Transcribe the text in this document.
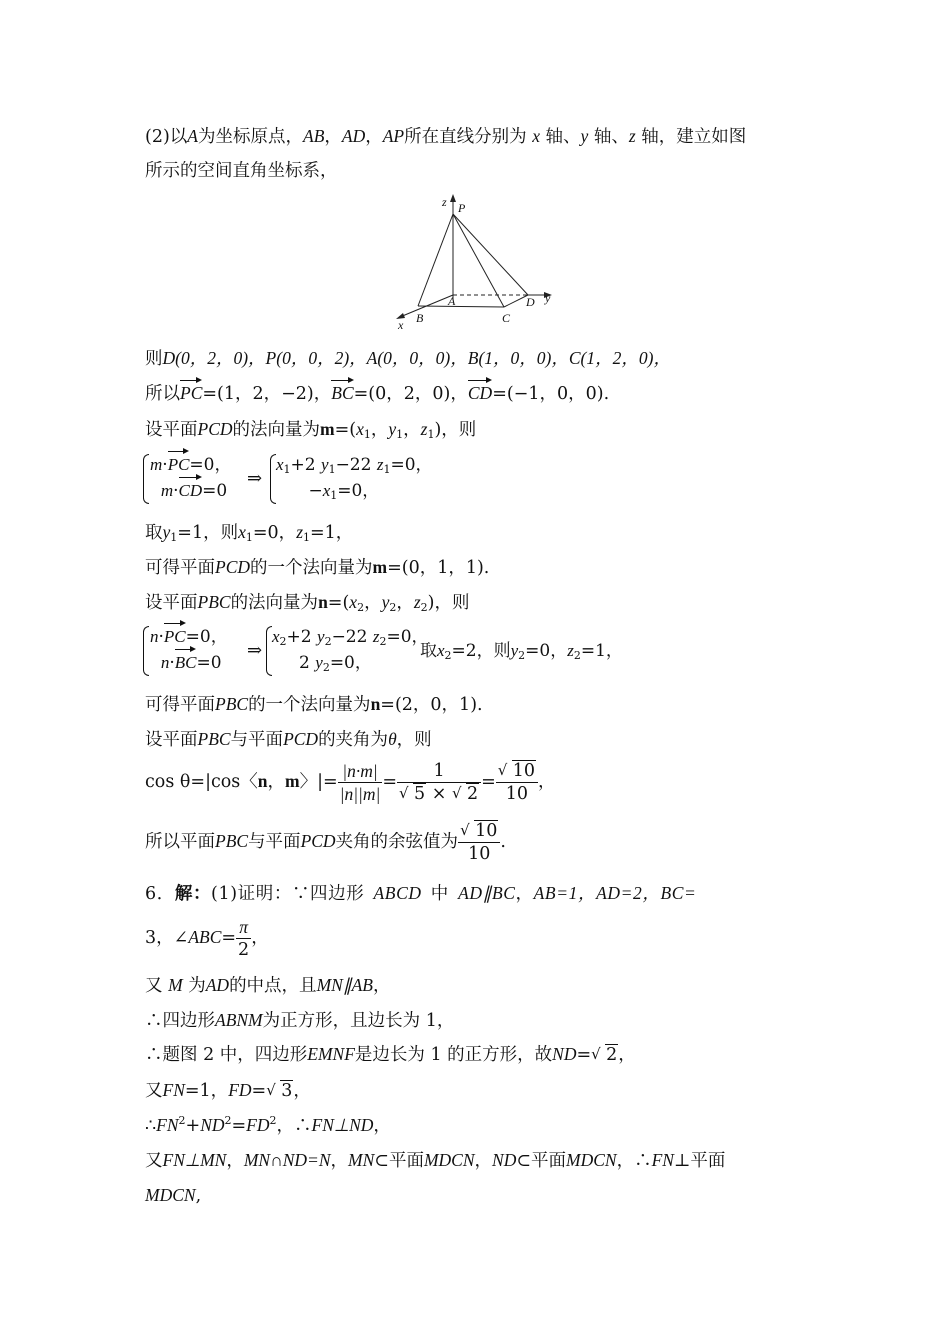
(2)以A为坐标原点，AB，AD，AP所在直线分别为 x 轴、y 轴、z 轴，建立如图
所示的空间直角坐标系，
z P
A	D y
x B	C
则D(0，2，0)，P(0，0，2)，A(0，0，0)，B(1，0，0)，C(1，2，0)，
所以PC=(1，2，−2)，BC=(0，2，0)，CD=(−1，0，0).
设平面PCD的法向量为$m=(x_1$，$y_1$，$z_1$)，则
m·PC=0，
m·CD=0
⇒
$x_1+2$ $y_1-22$ $z_1=0$，
$-x_1=0$，
取$y_1=1$，则$x_1=0$，$z_1=1$，
可得平面PCD的一个法向量为m=(0，1，1).
设平面PBC的法向量为$n=(x_2$，$y_2$，$z_2$)，则
n·PC=0，
n·BC=0
⇒
$x_2+2$ $y_2-22$ $z_2=0$，
2 $y_2=0$，
取$x_2=2$，则$y_2=0$，$z_2=1$，
可得平面PBC的一个法向量为n=(2，0，1).
设平面PBC与平面PCD的夹角为θ，则
cos θ=|cos〈n，m〉|= $\frac{|n\cdot m|}{|n||m|} = \frac{1}{√ 5 \times √ 2} = \frac{√ 10}{10}$ ，
所以平面PBC与平面PCD夹角的余弦值为 $\frac{√ 10}{10}$ .
6．解：(1)证明：∵四边形 ABCD 中 AD∥BC，AB=1，AD=2，BC=
3，∠ABC= $\frac{\pi}{2}$ ，
又 M 为AD的中点，且MN∥AB，
∴四边形ABNM为正方形，且边长为 1，
∴题图 2 中，四边形EMNF是边长为 1 的正方形，故ND= √ 2，
又FN=1，FD= √ 3，
$\therefore FN^2+ND^2=FD^2$，∴FN⊥ND，
又FN⊥MN，MN∩ND=N，MN⊂平面MDCN，ND⊂平面MDCN，∴FN⊥平面
MDCN,
